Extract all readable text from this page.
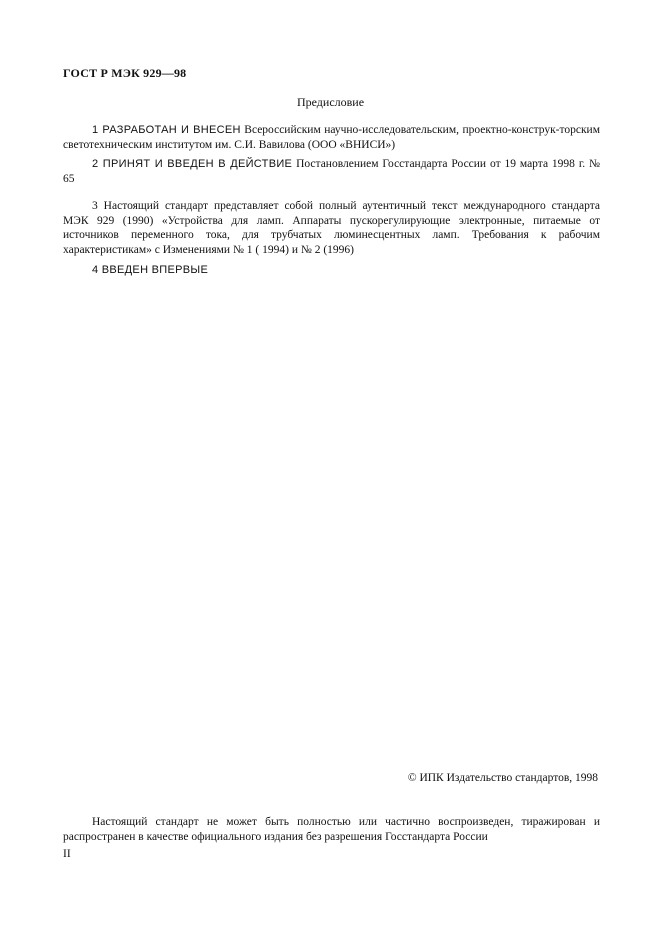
ГОСТ Р МЭК 929—98
Предисловие
1 РАЗРАБОТАН И ВНЕСЕН Всероссийским научно-исследовательским, проектно-конструк-торским светотехническим институтом им. С.И. Вавилова (ООО «ВНИСИ»)
2 ПРИНЯТ И ВВЕДЕН В ДЕЙСТВИЕ Постановлением Госстандарта России от 19 марта 1998 г. № 65
3 Настоящий стандарт представляет собой полный аутентичный текст международного стандарта МЭК 929 (1990) «Устройства для ламп. Аппараты пускорегулирующие электронные, питаемые от источников переменного тока, для трубчатых люминесцентных ламп. Требования к рабочим характеристикам» с Изменениями № 1 ( 1994) и № 2 (1996)
4 ВВЕДЕН ВПЕРВЫЕ
© ИПК Издательство стандартов, 1998
Настоящий стандарт не может быть полностью или частично воспроизведен, тиражирован и распространен в качестве официального издания без разрешения Госстандарта России
II
